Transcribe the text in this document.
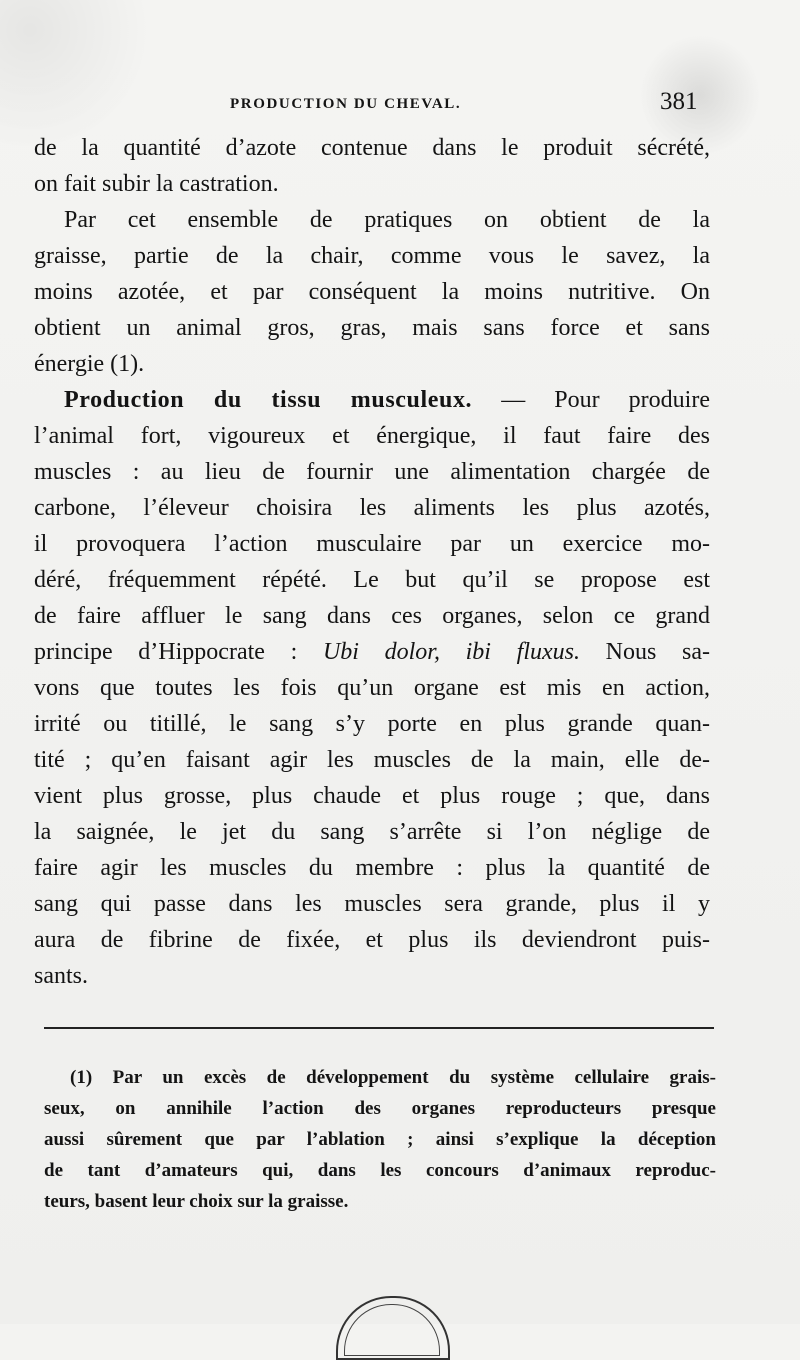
PRODUCTION DU CHEVAL.	381
de la quantité d’azote contenue dans le produit sécrété,
on fait subir la castration.
Par cet ensemble de pratiques on obtient de la
graisse, partie de la chair, comme vous le savez, la
moins azotée, et par conséquent la moins nutritive. On
obtient un animal gros, gras, mais sans force et sans
énergie (1).
Production du tissu musculeux. — Pour produire
l’animal fort, vigoureux et énergique, il faut faire des
muscles : au lieu de fournir une alimentation chargée de
carbone, l’éleveur choisira les aliments les plus azotés,
il provoquera l’action musculaire par un exercice mo-
déré, fréquemment répété. Le but qu’il se propose est
de faire affluer le sang dans ces organes, selon ce grand
principe d’Hippocrate : Ubi dolor, ibi fluxus. Nous sa-
vons que toutes les fois qu’un organe est mis en action,
irrité ou titillé, le sang s’y porte en plus grande quan-
tité ; qu’en faisant agir les muscles de la main, elle de-
vient plus grosse, plus chaude et plus rouge ; que, dans
la saignée, le jet du sang s’arrête si l’on néglige de
faire agir les muscles du membre : plus la quantité de
sang qui passe dans les muscles sera grande, plus il y
aura de fibrine de fixée, et plus ils deviendront puis-
sants.
(1) Par un excès de développement du système cellulaire grais-
seux, on annihile l’action des organes reproducteurs presque
aussi sûrement que par l’ablation ; ainsi s’explique la déception
de tant d’amateurs qui, dans les concours d’animaux reproduc-
teurs, basent leur choix sur la graisse.
